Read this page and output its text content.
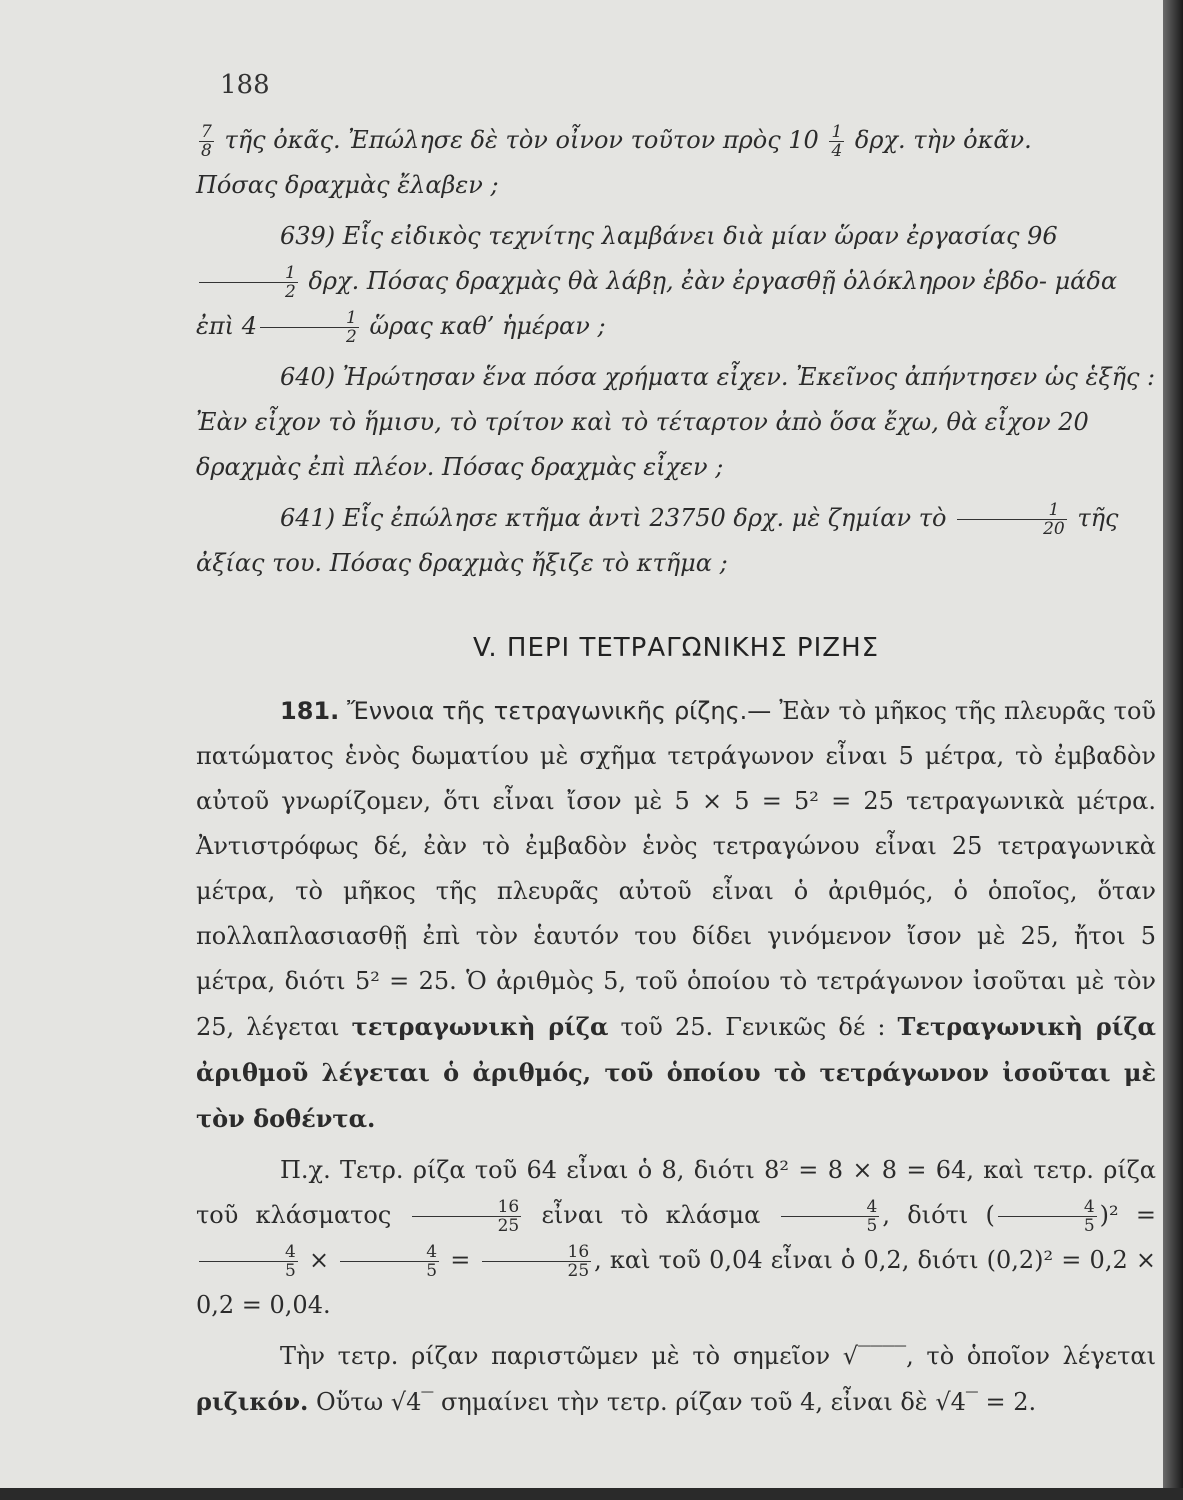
188

$\frac{7}{8}$ τῆς ὀκᾶς. Ἐπώλησε δὲ τὸν οἶνον τοῦτον πρὸς $10 \frac{1}{4} \delta\rho\chi$. τὴν ὀκᾶν.
Πόσας δραχμὰς ἔλαβεν ;

639) Εἷς εἰδικὸς τεχνίτης λαμβάνει διὰ μίαν ὥραν ἐργασίας 96
$\frac{1}{2} \delta\rho\chi$. Πόσας δραχμὰς θὰ λάβῃ, ἐὰν ἐργασθῇ ὁλόκληρον ἑβδο- μάδα ἐπὶ $4 \frac{1}{2}$ ὥρας καθ’ ἡμέραν ;

640) Ἠρώτησαν ἕνα πόσα χρήματα εἶχεν. Ἐκεῖνος ἀπήντησεν ὡς ἑξῆς : Ἐὰν εἶχον τὸ ἥμισυ, τὸ τρίτον καὶ τὸ τέταρτον ἀπὸ ὅσα ἔχω, θὰ εἶχον 20 δραχμὰς ἐπὶ πλέον. Πόσας δραχμὰς εἶχεν ;

641) Εἷς ἐπώλησε κτῆμα ἀντὶ 23750 δρχ. μὲ ζημίαν τὸ $\frac{1}{20}$ τῆς ἀξίας του. Πόσας δραχμὰς ἤξιζε τὸ κτῆμα ;

V. ΠΕΡΙ ΤΕΤΡΑΓΩΝΙΚΗΣ ΡΙΖΗΣ

181. Ἔννοια τῆς τετραγωνικῆς ρίζης.— Ἐὰν τὸ μῆκος τῆς πλευρᾶς τοῦ πατώματος ἑνὸς δωματίου μὲ σχῆμα τετράγωνον εἶναι 5 μέτρα, τὸ ἐμβαδὸν αὐτοῦ γνωρίζομεν, ὅτι εἶναι ἴσον μὲ 5 × 5 = 5² = 25 τετραγωνικὰ μέτρα. Ἀντιστρόφως δέ, ἐὰν τὸ ἐμβαδὸν ἑνὸς τετραγώνου εἶναι 25 τετραγωνικὰ μέτρα, τὸ μῆκος τῆς πλευρᾶς αὐτοῦ εἶναι ὁ ἀριθμός, ὁ ὁποῖος, ὅταν πολλαπλασιασθῇ ἐπὶ τὸν ἑαυτόν του δίδει γινόμενον ἴσον μὲ 25, ἤτοι 5 μέτρα, διότι 5² = 25. Ὁ ἀριθμὸς 5, τοῦ ὁποίου τὸ τετράγωνον ἰσοῦται μὲ τὸν 25, λέγεται τετραγωνικὴ ρίζα τοῦ 25. Γενικῶς δέ : Τετραγωνικὴ ρίζα ἀριθμοῦ λέγεται ὁ ἀριθμός, τοῦ ὁποίου τὸ τετράγωνον ἰσοῦται μὲ τὸν δοθέντα.

Π.χ. Τετρ. ρίζα τοῦ 64 εἶναι ὁ 8, διότι 8² = 8 × 8 = 64, καὶ τετρ. ρίζα τοῦ κλάσματος $\frac{16}{25}$ εἶναι τὸ κλάσμα $\frac{4}{5}$ , διότι ( $\frac{4}{5} )^2$ =
$\frac{4}{5} \times \frac{4}{5} = \frac{16}{25}$ , καὶ τοῦ 0,04 εἶναι ὁ 0,2, διότι (0,2)² = 0,2 × 0,2 = 0,04.

Τὴν τετρ. ρίζαν παριστῶμεν μὲ τὸ σημεῖον √‾‾‾‾, τὸ ὁποῖον λέγεται ριζικόν. Οὕτω √4‾ σημαίνει τὴν τετρ. ρίζαν τοῦ 4, εἶναι δὲ √4‾ = 2.
